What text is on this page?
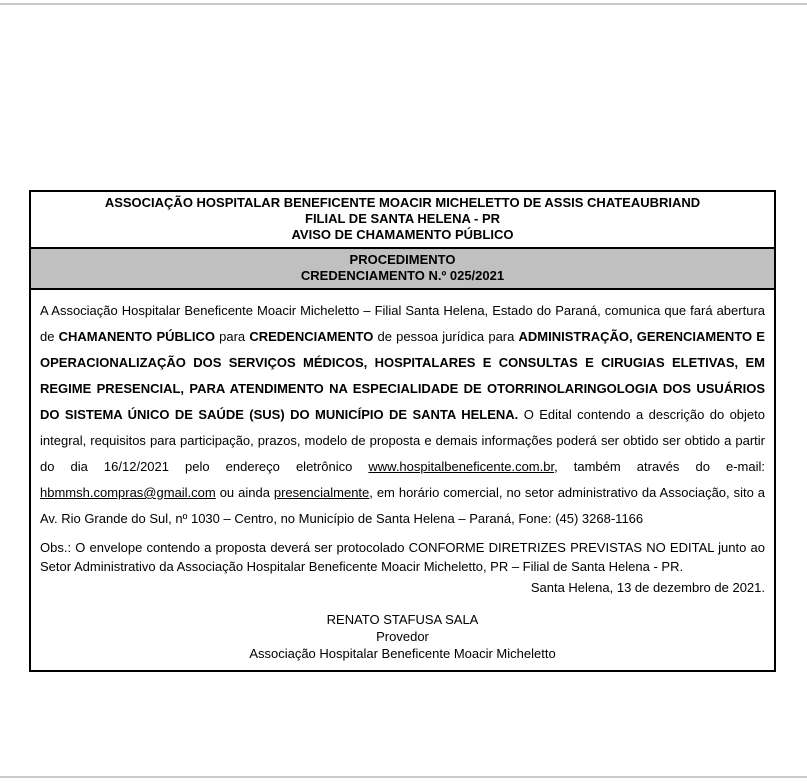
ASSOCIAÇÃO HOSPITALAR BENEFICENTE MOACIR MICHELETTO DE ASSIS CHATEAUBRIAND
FILIAL DE SANTA HELENA - PR
AVISO DE CHAMAMENTO PÚBLICO
PROCEDIMENTO
CREDENCIAMENTO N.º 025/2021

A Associação Hospitalar Beneficente Moacir Micheletto – Filial Santa Helena, Estado do Paraná, comunica que fará abertura de CHAMANENTO PÚBLICO para CREDENCIAMENTO de pessoa jurídica para ADMINISTRAÇÃO, GERENCIAMENTO E OPERACIONALIZAÇÃO DOS SERVIÇOS MÉDICOS, HOSPITALARES E CONSULTAS E CIRUGIAS ELETIVAS, EM REGIME PRESENCIAL, PARA ATENDIMENTO NA ESPECIALIDADE DE OTORRINOLARINGOLOGIA DOS USUÁRIOS DO SISTEMA ÚNICO DE SAÚDE (SUS) DO MUNICÍPIO DE SANTA HELENA. O Edital contendo a descrição do objeto integral, requisitos para participação, prazos, modelo de proposta e demais informações poderá ser obtido ser obtido a partir do dia 16/12/2021 pelo endereço eletrônico www.hospitalbeneficente.com.br, também através do e-mail: hbmmsh.compras@gmail.com ou ainda presencialmente, em horário comercial, no setor administrativo da Associação, sito a Av. Rio Grande do Sul, nº 1030 – Centro, no Município de Santa Helena – Paraná, Fone: (45) 3268-1166

Obs.: O envelope contendo a proposta deverá ser protocolado CONFORME DIRETRIZES PREVISTAS NO EDITAL junto ao Setor Administrativo da Associação Hospitalar Beneficente Moacir Micheletto, PR – Filial de Santa Helena - PR.

Santa Helena, 13 de dezembro de 2021.

RENATO STAFUSA SALA
Provedor
Associação Hospitalar Beneficente Moacir Micheletto
